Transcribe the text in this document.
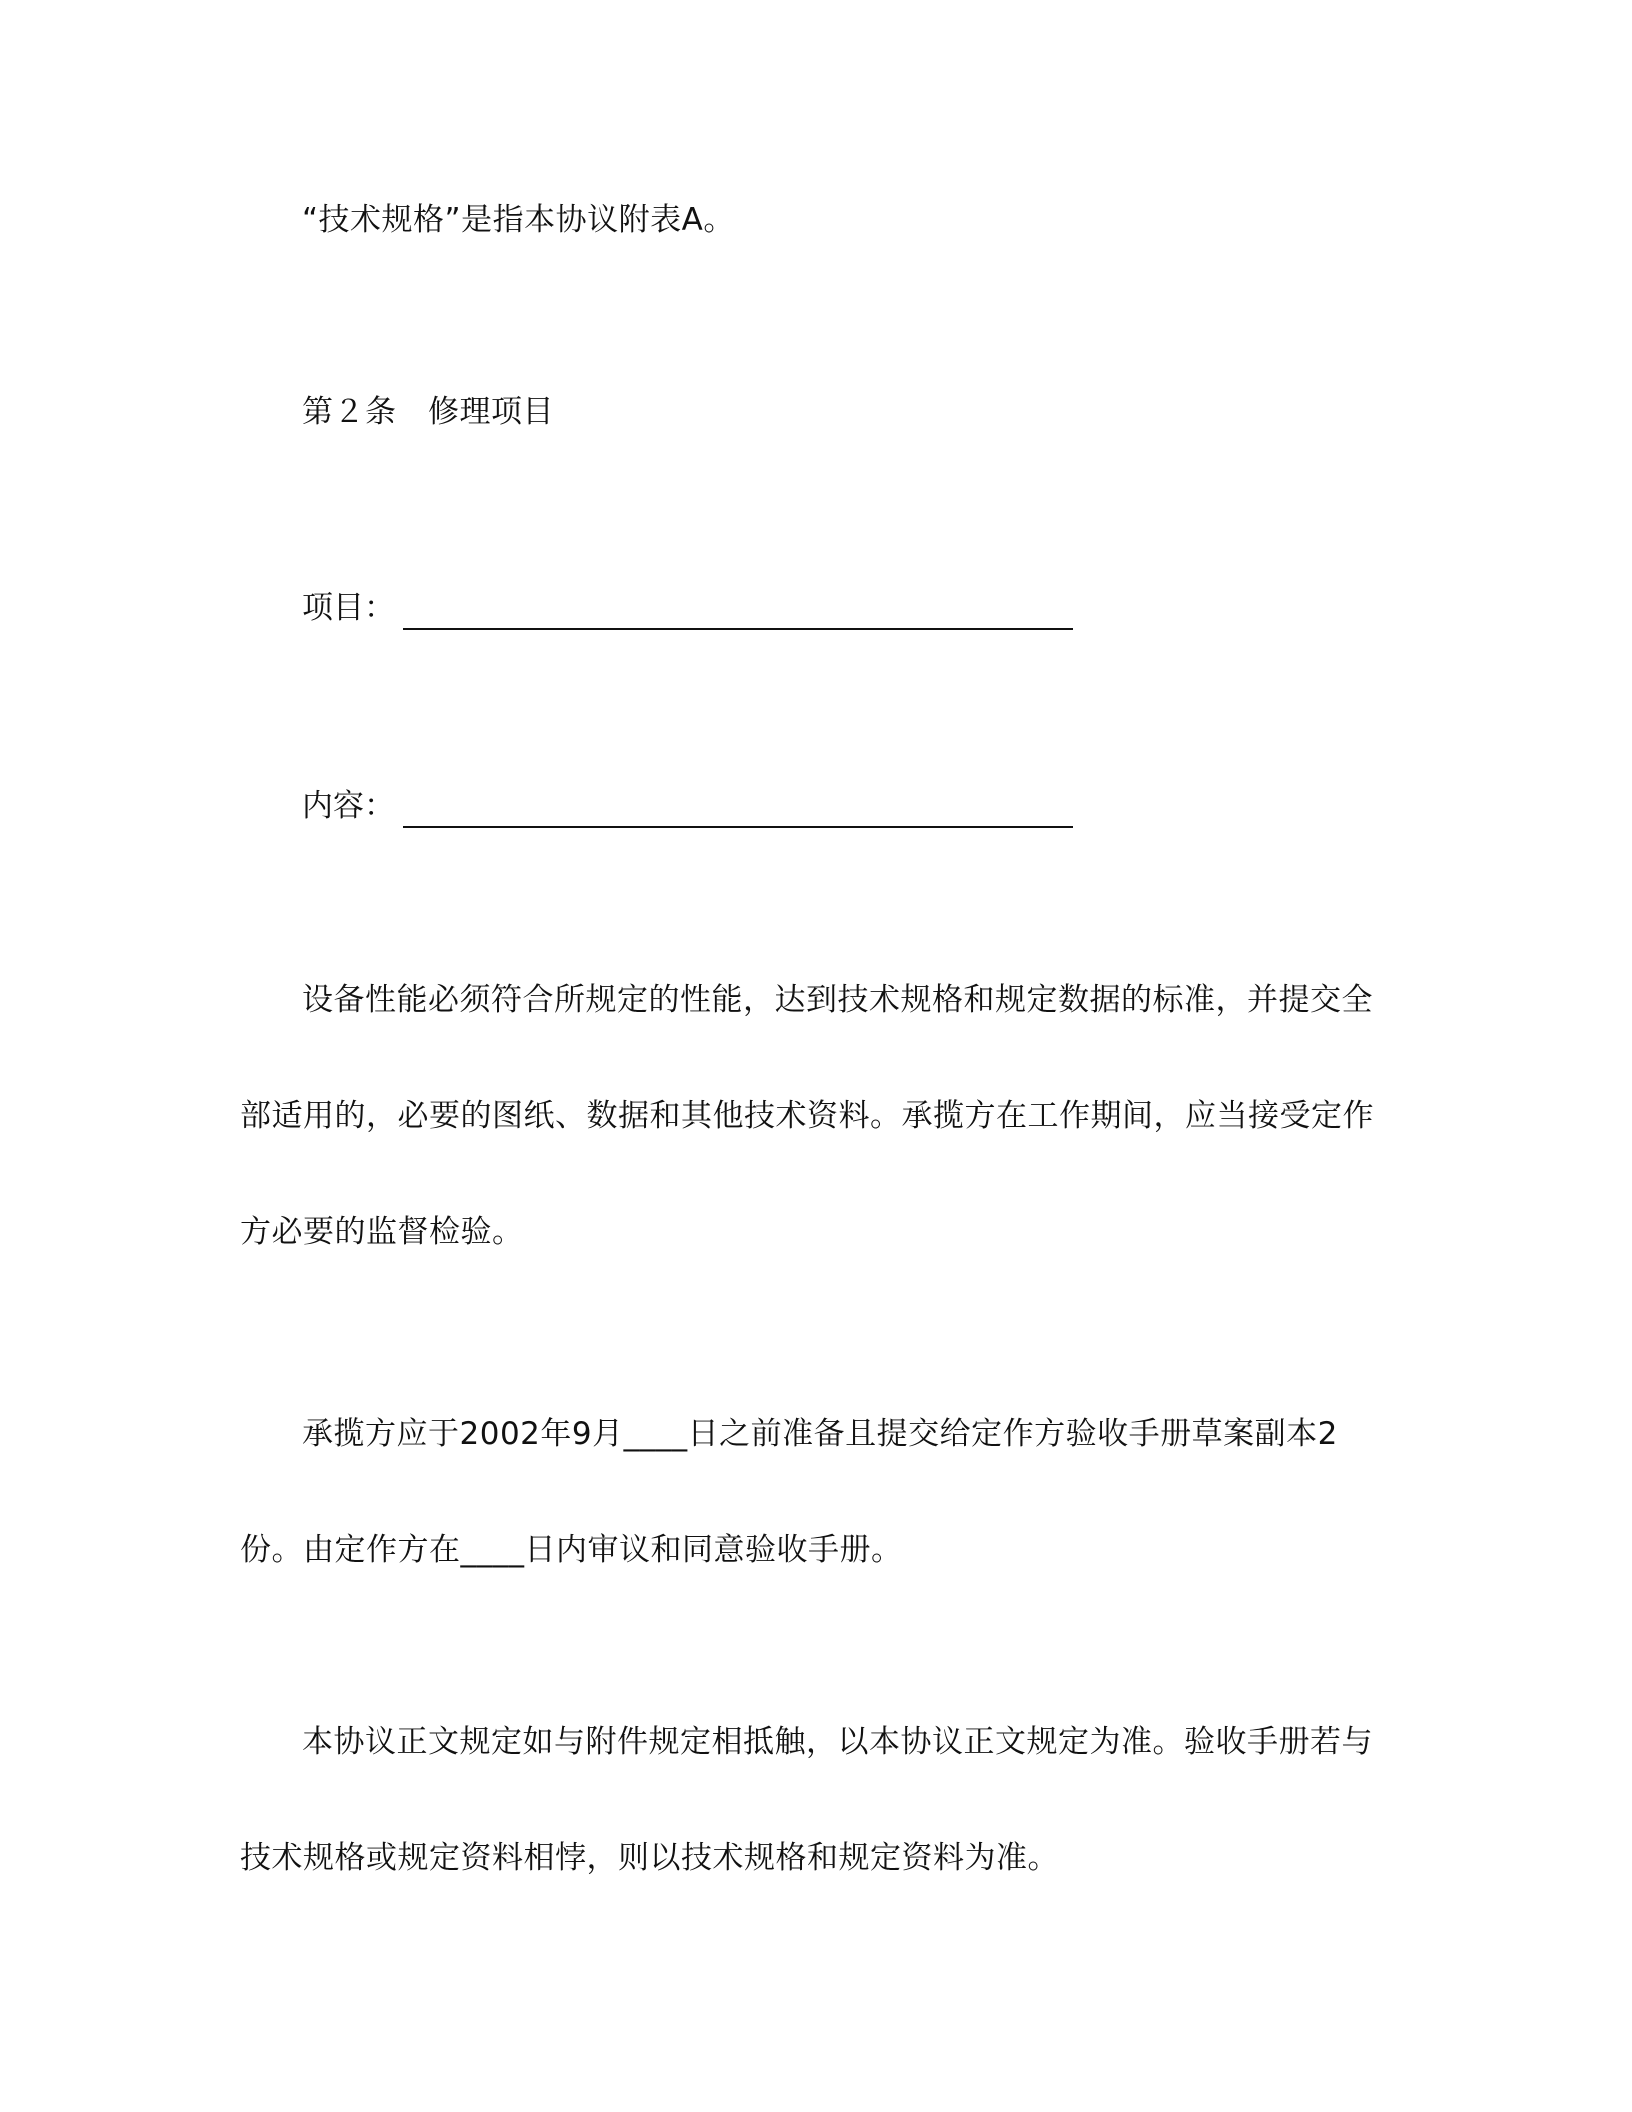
“技术规格”是指本协议附表A。
第２条　修理项目
项目：
内容：
设备性能必须符合所规定的性能，达到技术规格和规定数据的标准，并提交全
部适用的，必要的图纸、数据和其他技术资料。承揽方在工作期间，应当接受定作
方必要的监督检验。
承揽方应于2002年9月____日之前准备且提交给定作方验收手册草案副本2
份。由定作方在____日内审议和同意验收手册。
本协议正文规定如与附件规定相抵触，以本协议正文规定为准。验收手册若与
技术规格或规定资料相悖，则以技术规格和规定资料为准。
